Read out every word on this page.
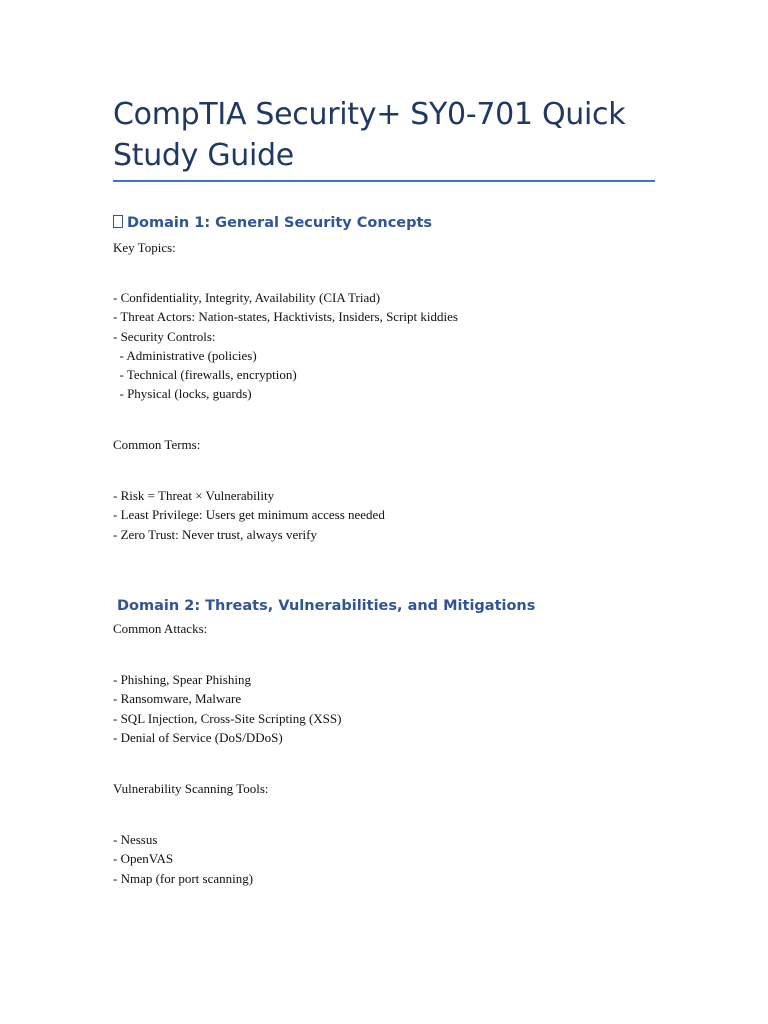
CompTIA Security+ SY0-701 Quick Study Guide
Domain 1: General Security Concepts

Key Topics:

- Confidentiality, Integrity, Availability (CIA Triad)
- Threat Actors: Nation-states, Hacktivists, Insiders, Script kiddies
- Security Controls:
- Administrative (policies)
- Technical (firewalls, encryption)
- Physical (locks, guards)

Common Terms:

- Risk = Threat × Vulnerability
- Least Privilege: Users get minimum access needed
- Zero Trust: Never trust, always verify
Domain 2: Threats, Vulnerabilities, and Mitigations

Common Attacks:

- Phishing, Spear Phishing
- Ransomware, Malware
- SQL Injection, Cross-Site Scripting (XSS)
- Denial of Service (DoS/DDoS)

Vulnerability Scanning Tools:

- Nessus
- OpenVAS
- Nmap (for port scanning)
